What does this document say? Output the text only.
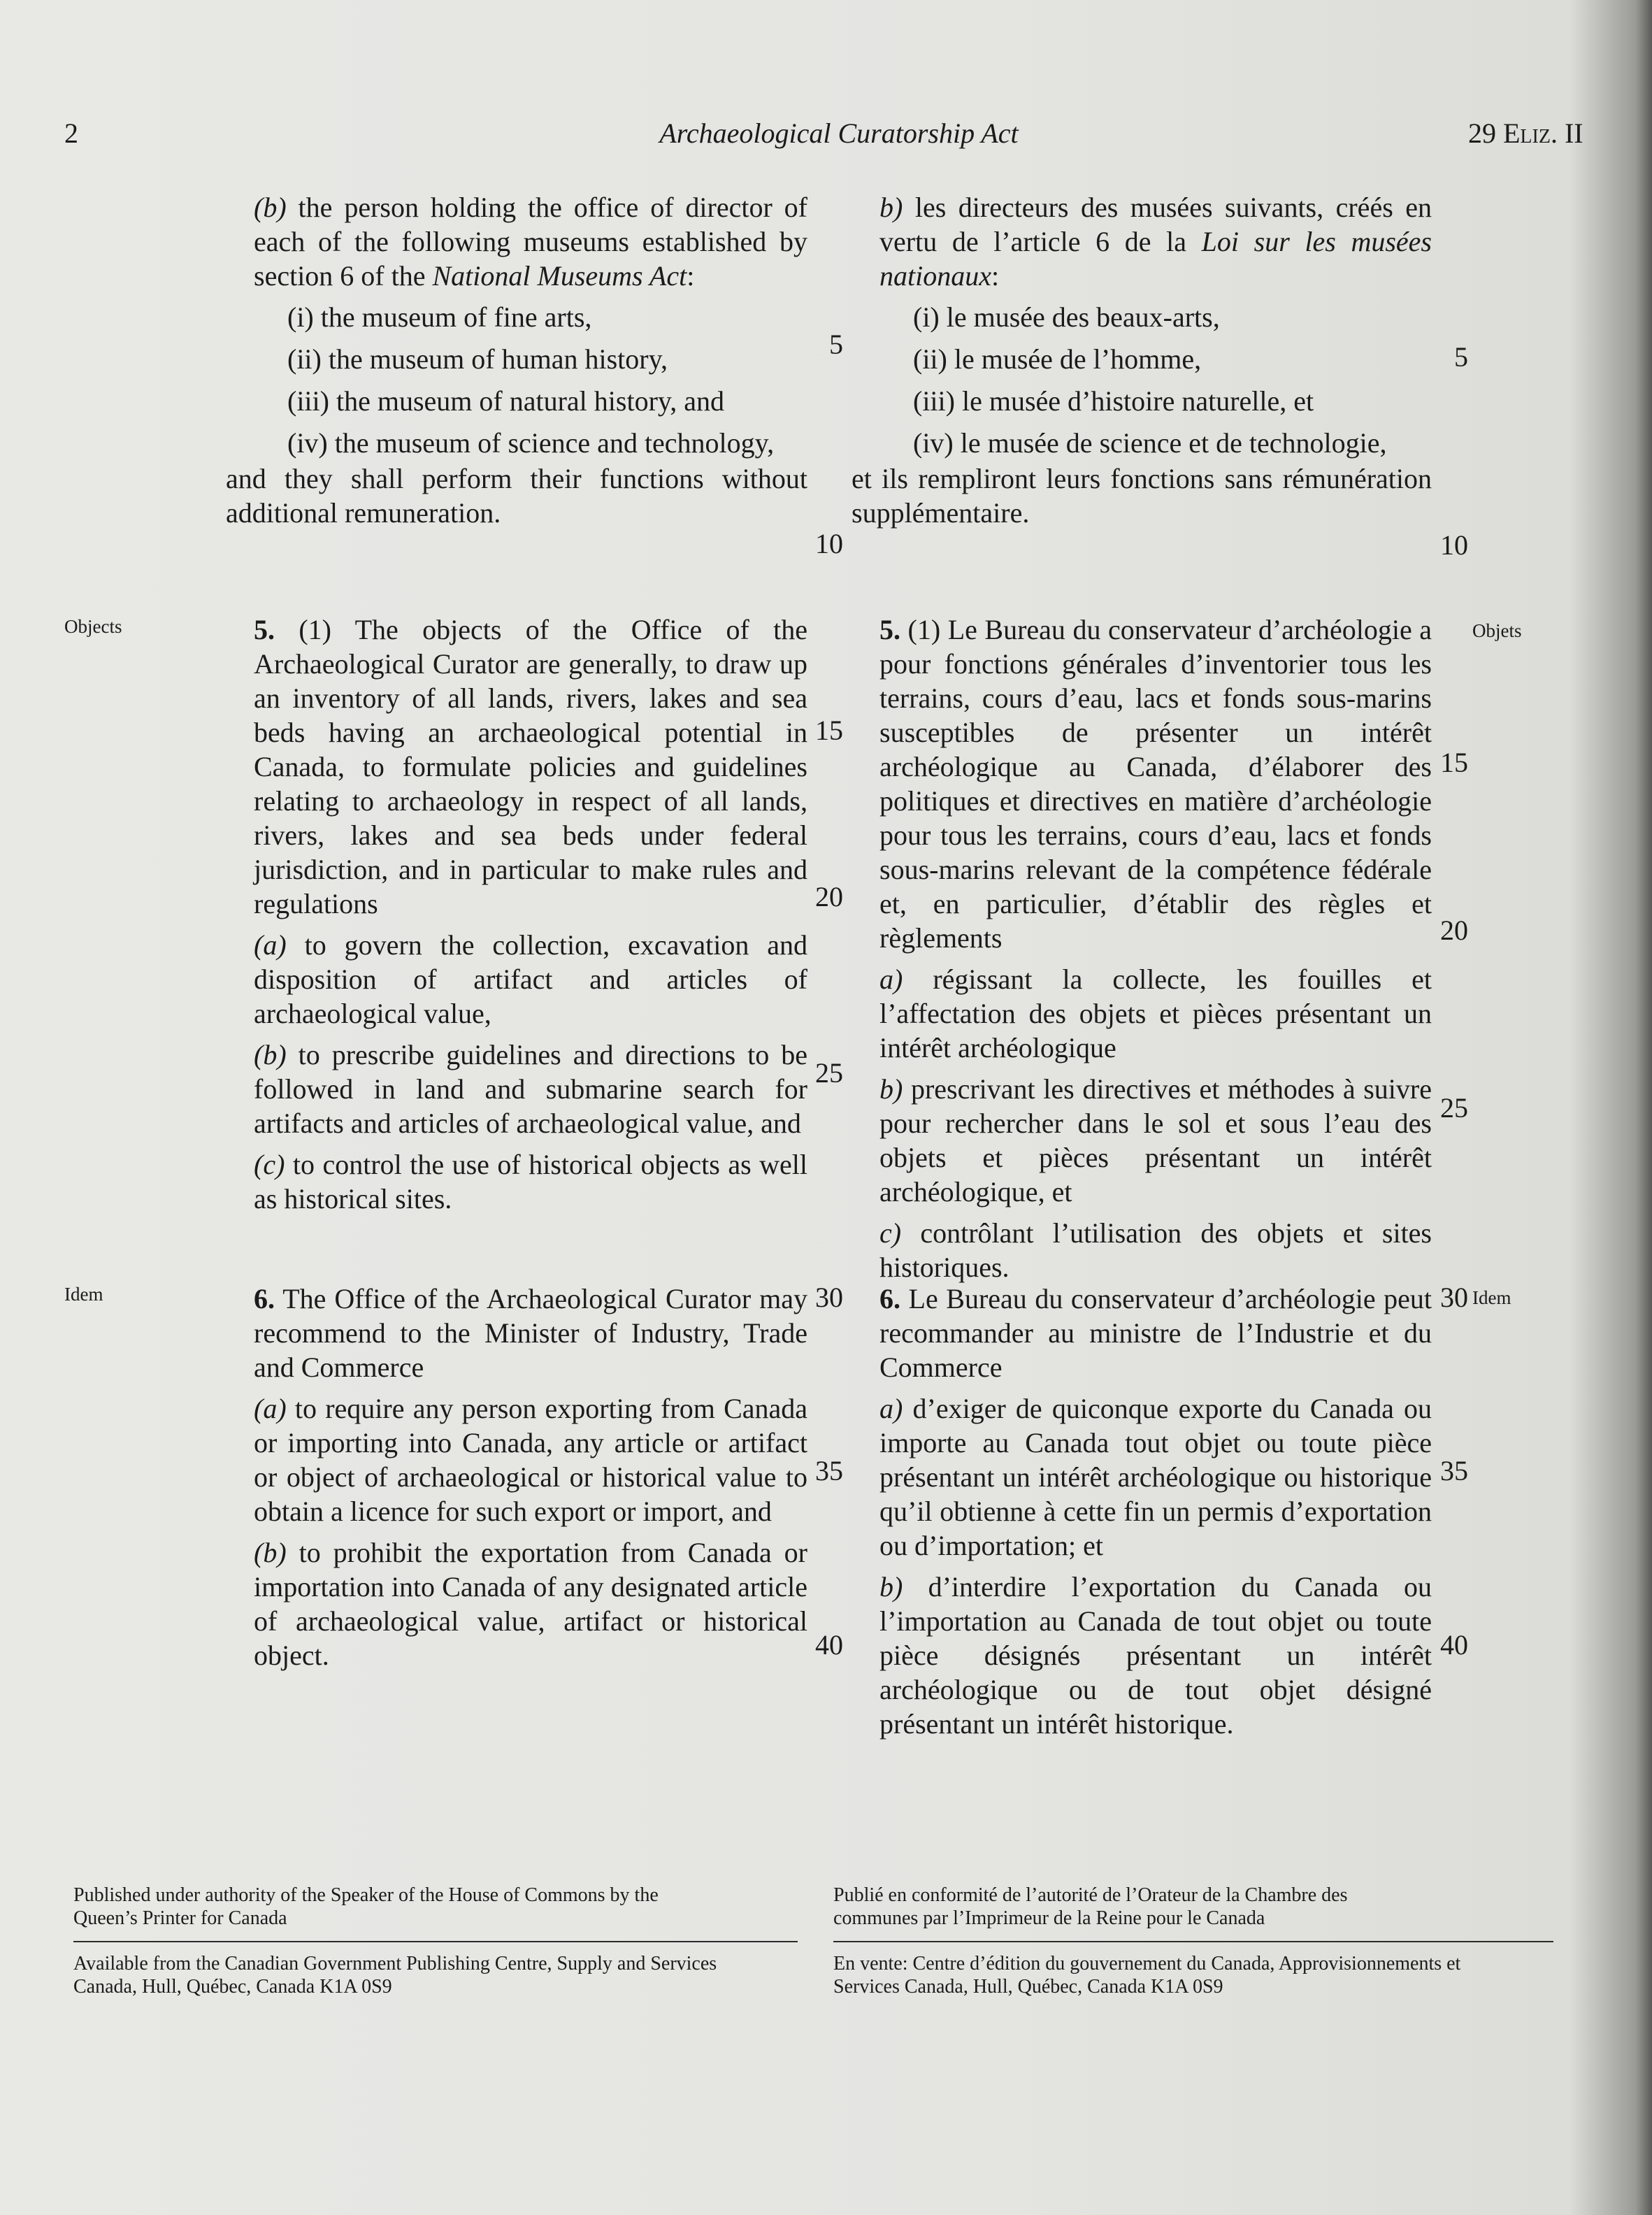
2	Archaeological Curatorship Act	29 Eliz. II
Objects
Idem
Objets
Idem

(b) the person holding the office of director of each of the following museums established by section 6 of the National Museums Act:

(i) the museum of fine arts,

(ii) the museum of human history,

(iii) the museum of natural history, and

(iv) the museum of science and technology,

and they shall perform their functions without additional remuneration.

5. (1) The objects of the Office of the Archaeological Curator are generally, to draw up an inventory of all lands, rivers, lakes and sea beds having an archaeological potential in Canada, to formulate policies and guidelines relating to archaeology in respect of all lands, rivers, lakes and sea beds under federal jurisdiction, and in particular to make rules and regulations

(a) to govern the collection, excavation and disposition of artifact and articles of archaeological value,

(b) to prescribe guidelines and directions to be followed in land and submarine search for artifacts and articles of archaeological value, and

(c) to control the use of historical objects as well as historical sites.

6. The Office of the Archaeological Curator may recommend to the Minister of Industry, Trade and Commerce

(a) to require any person exporting from Canada or importing into Canada, any article or artifact or object of archaeological or historical value to obtain a licence for such export or import, and

(b) to prohibit the exportation from Canada or importation into Canada of any designated article of archaeological value, artifact or historical object.

b) les directeurs des musées suivants, créés en vertu de l’article 6 de la Loi sur les musées nationaux:

(i) le musée des beaux-arts,

(ii) le musée de l’homme,

(iii) le musée d’histoire naturelle, et

(iv) le musée de science et de technologie,

et ils rempliront leurs fonctions sans rémunération supplémentaire.

5. (1) Le Bureau du conservateur d’archéologie a pour fonctions générales d’inventorier tous les terrains, cours d’eau, lacs et fonds sous-marins susceptibles de présenter un intérêt archéologique au Canada, d’élaborer des politiques et directives en matière d’archéologie pour tous les terrains, cours d’eau, lacs et fonds sous-marins relevant de la compétence fédérale et, en particulier, d’établir des règles et règlements

a) régissant la collecte, les fouilles et l’affectation des objets et pièces présentant un intérêt archéologique

b) prescrivant les directives et méthodes à suivre pour rechercher dans le sol et sous l’eau des objets et pièces présentant un intérêt archéologique, et

c) contrôlant l’utilisation des objets et sites historiques.

6. Le Bureau du conservateur d’archéologie peut recommander au ministre de l’Industrie et du Commerce

a) d’exiger de quiconque exporte du Canada ou importe au Canada tout objet ou toute pièce présentant un intérêt archéologique ou historique qu’il obtienne à cette fin un permis d’exportation ou d’importation; et

b) d’interdire l’exportation du Canada ou l’importation au Canada de tout objet ou toute pièce désignés présentant un intérêt archéologique ou de tout objet désigné présentant un intérêt historique.

5
10
15
20
25
30
35
40
5
10
15
20
25
30
35
40
Published under authority of the Speaker of the House of Commons by the Queen’s Printer for Canada
Available from the Canadian Government Publishing Centre, Supply and Services Canada, Hull, Québec, Canada K1A 0S9
Publié en conformité de l’autorité de l’Orateur de la Chambre des communes par l’Imprimeur de la Reine pour le Canada
En vente: Centre d’édition du gouvernement du Canada, Approvisionnements et Services Canada, Hull, Québec, Canada K1A 0S9
